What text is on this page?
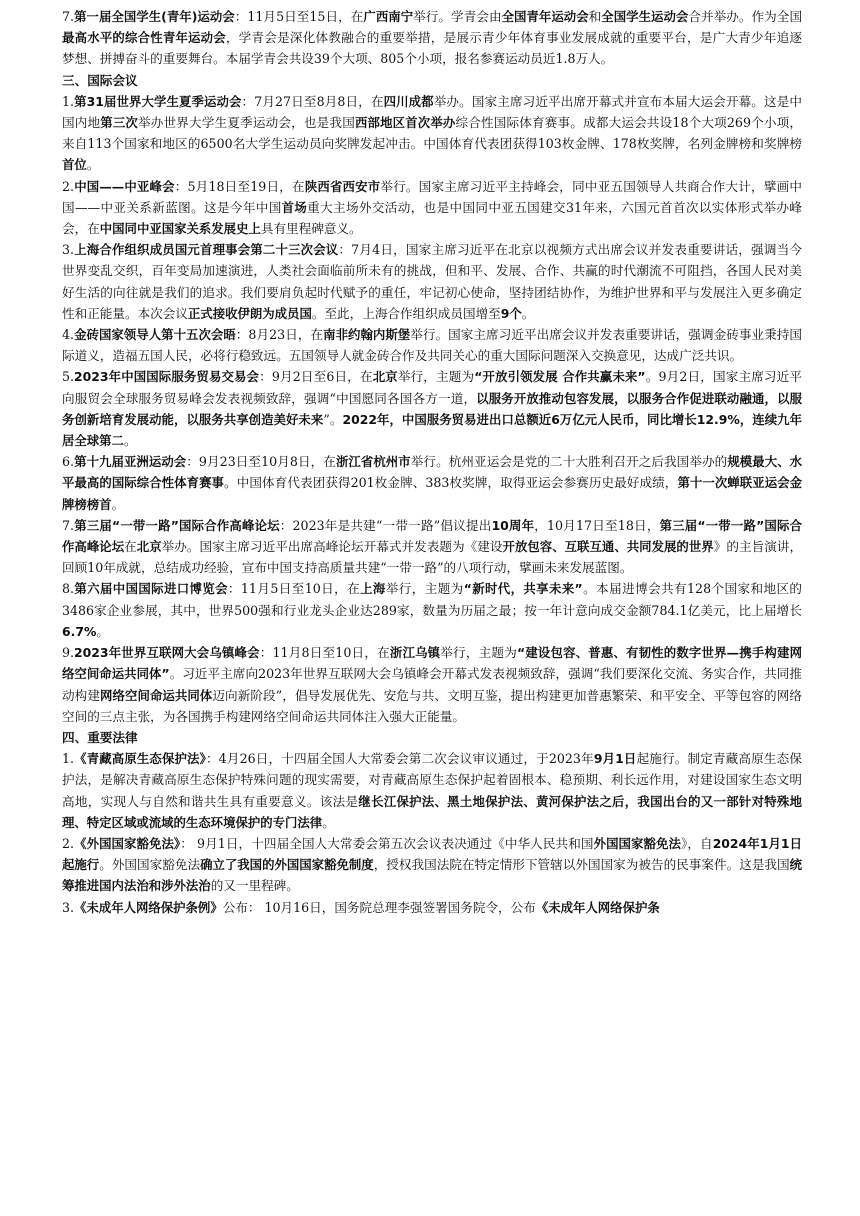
7.第一届全国学生(青年)运动会：11月5日至15日，在广西南宁举行。学青会由全国青年运动会和全国学生运动会合并举办。作为全国最高水平的综合性青年运动会，学青会是深化体教融合的重要举措，是展示青少年体育事业发展成就的重要平台，是广大青少年追逐梦想、拼搏奋斗的重要舞台。本届学青会共设39个大项、805个小项，报名参赛运动员近1.8万人。

三、国际会议

1.第31届世界大学生夏季运动会：7月27日至8月8日，在四川成都举办。国家主席习近平出席开幕式并宣布本届大运会开幕。这是中国内地第三次举办世界大学生夏季运动会，也是我国西部地区首次举办综合性国际体育赛事。成都大运会共设18个大项269个小项，来自113个国家和地区的6500名大学生运动员向奖牌发起冲击。中国体育代表团获得103枚金牌、178枚奖牌，名列金牌榜和奖牌榜首位。

2.中国——中亚峰会：5月18日至19日，在陕西省西安市举行。国家主席习近平主持峰会，同中亚五国领导人共商合作大计，擘画中国——中亚关系新蓝图。这是今年中国首场重大主场外交活动，也是中国同中亚五国建交31年来，六国元首首次以实体形式举办峰会，在中国同中亚国家关系发展史上具有里程碑意义。

3.上海合作组织成员国元首理事会第二十三次会议：7月4日，国家主席习近平在北京以视频方式出席会议并发表重要讲话，强调当今世界变乱交织，百年变局加速演进，人类社会面临前所未有的挑战，但和平、发展、合作、共赢的时代潮流不可阻挡，各国人民对美好生活的向往就是我们的追求。我们要肩负起时代赋予的重任，牢记初心使命，坚持团结协作，为维护世界和平与发展注入更多确定性和正能量。本次会议正式接收伊朗为成员国。至此，上海合作组织成员国增至9个。

4.金砖国家领导人第十五次会晤：8月23日，在南非约翰内斯堡举行。国家主席习近平出席会议并发表重要讲话，强调金砖事业秉持国际道义，造福五国人民，必将行稳致远。五国领导人就金砖合作及共同关心的重大国际问题深入交换意见，达成广泛共识。

5.2023年中国国际服务贸易交易会：9月2日至6日，在北京举行，主题为“开放引领发展 合作共赢未来”。9月2日，国家主席习近平向服贸会全球服务贸易峰会发表视频致辞，强调“中国愿同各国各方一道，以服务开放推动包容发展，以服务合作促进联动融通，以服务创新培育发展动能，以服务共享创造美好未来”。2022年，中国服务贸易进出口总额近6万亿元人民币，同比增长12.9%，连续九年居全球第二。

6.第十九届亚洲运动会：9月23日至10月8日，在浙江省杭州市举行。杭州亚运会是党的二十大胜利召开之后我国举办的规模最大、水平最高的国际综合性体育赛事。中国体育代表团获得201枚金牌、383枚奖牌，取得亚运会参赛历史最好成绩，第十一次蝉联亚运会金牌榜榜首。

7.第三届“一带一路”国际合作高峰论坛：2023年是共建“一带一路”倡议提出10周年，10月17日至18日，第三届“一带一路”国际合作高峰论坛在北京举办。国家主席习近平出席高峰论坛开幕式并发表题为《建设开放包容、互联互通、共同发展的世界》的主旨演讲，回顾10年成就，总结成功经验，宣布中国支持高质量共建“一带一路”的八项行动，擘画未来发展蓝图。

8.第六届中国国际进口博览会：11月5日至10日，在上海举行，主题为“新时代，共享未来”。本届进博会共有128个国家和地区的3486家企业参展，其中，世界500强和行业龙头企业达289家，数量为历届之最；按一年计意向成交金额784.1亿美元，比上届增长6.7%。

9.2023年世界互联网大会乌镇峰会：11月8日至10日，在浙江乌镇举行，主题为“建设包容、普惠、有韧性的数字世界—携手构建网络空间命运共同体”。习近平主席向2023年世界互联网大会乌镇峰会开幕式发表视频致辞，强调“我们要深化交流、务实合作，共同推动构建网络空间命运共同体迈向新阶段”，倡导发展优先、安危与共、文明互鉴，提出构建更加普惠繁荣、和平安全、平等包容的网络空间的三点主张，为各国携手构建网络空间命运共同体注入强大正能量。

四、重要法律

1.《青藏高原生态保护法》：4月26日，十四届全国人大常委会第二次会议审议通过，于2023年9月1日起施行。制定青藏高原生态保护法，是解决青藏高原生态保护特殊问题的现实需要，对青藏高原生态保护起着固根本、稳预期、利长远作用，对建设国家生态文明高地，实现人与自然和谐共生具有重要意义。该法是继长江保护法、黑土地保护法、黄河保护法之后，我国出台的又一部针对特殊地理、特定区域或流域的生态环境保护的专门法律。

2.《外国国家豁免法》： 9月1日，十四届全国人大常委会第五次会议表决通过《中华人民共和国外国国家豁免法》，自2024年1月1日起施行。外国国家豁免法确立了我国的外国国家豁免制度，授权我国法院在特定情形下管辖以外国国家为被告的民事案件。这是我国统筹推进国内法治和涉外法治的又一里程碑。

3.《未成年人网络保护条例》公布： 10月16日，国务院总理李强签署国务院令，公布《未成年人网络保护条
